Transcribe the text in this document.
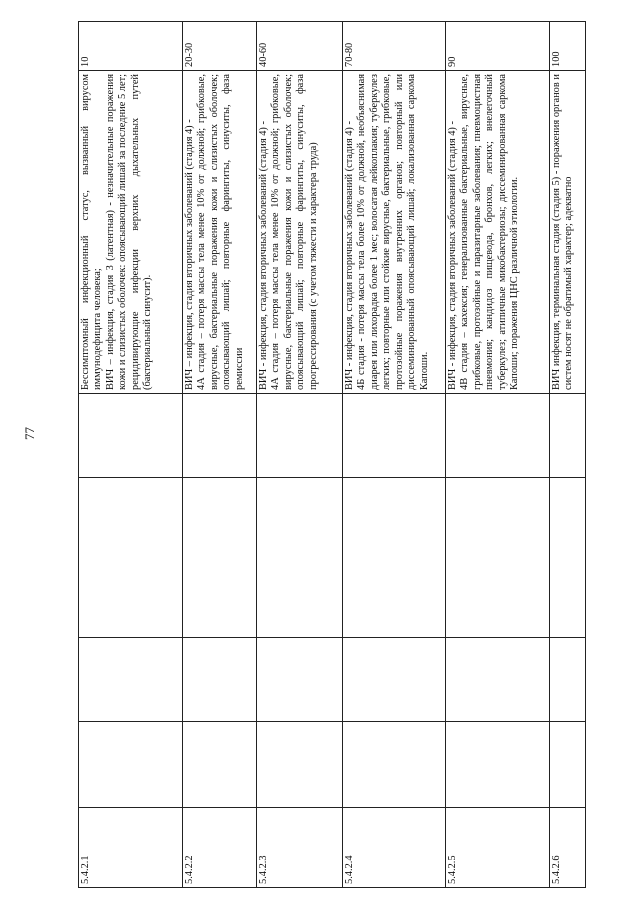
77
5.4.2.1					Бессимптомный инфекционный статус, вызванный вирусом иммунодефицита человека; ВИЧ – инфекция, стадия 3 (латентная) - незначительные поражения кожи и слизистых оболочек: опоясывающий лишай за последние 5 лет; рецидивирующие инфекции верхних дыхательных путей (бактериальный синусит).	10
5.4.2.2					ВИЧ – инфекция, стадия вторичных заболеваний (стадия 4) - 4А стадия – потеря массы тела менее 10% от должной; грибковые, вирусные, бактериальные поражения кожи и слизистых оболочек; опоясывающий лишай; повторные фарингиты, синуситы, фаза ремиссии	20-30
5.4.2.3					ВИЧ - инфекция, стадия вторичных заболеваний (стадия 4) - 4А стадия – потеря массы тела менее 10% от должной; грибковые, вирусные, бактериальные поражения кожи и слизистых оболочек; опоясывающий лишай; повторные фарингиты, синуситы, фаза прогрессирования (с учетом тяжести и характера труда)	40-60
5.4.2.4					ВИЧ - инфекция, стадия вторичных заболеваний (стадия 4) - 4Б стадия - потеря массы тела более 10% от должной, необъяснимая диарея или лихорадка более 1 мес; волосатая лейкоплакия; туберкулез легких; повторные или стойкие вирусные, бактериальные, грибковые, протозойные поражения внутренних органов; повторный или диссеминированный опоясывающий лишай; локализованная саркома Капоши.	70-80
5.4.2.5					ВИЧ - инфекция, стадия вторичных заболеваний (стадия 4) - 4В стадия – кахексия; генерализованные бактериальные, вирусные, грибковые, протозойные и паразитарные заболевания; пневмоцистная пневмония; кандидоз пищевода, бронхов, легких; внелегочный туберкулез; атипичные микобактериозы; диссеминированная саркома Капоши; поражения ЦНС различной этиологии.	90
5.4.2.6					ВИЧ инфекция, терминальная стадия (стадия 5) - поражения органов и систем носят не обратимый характер; адекватно	100
